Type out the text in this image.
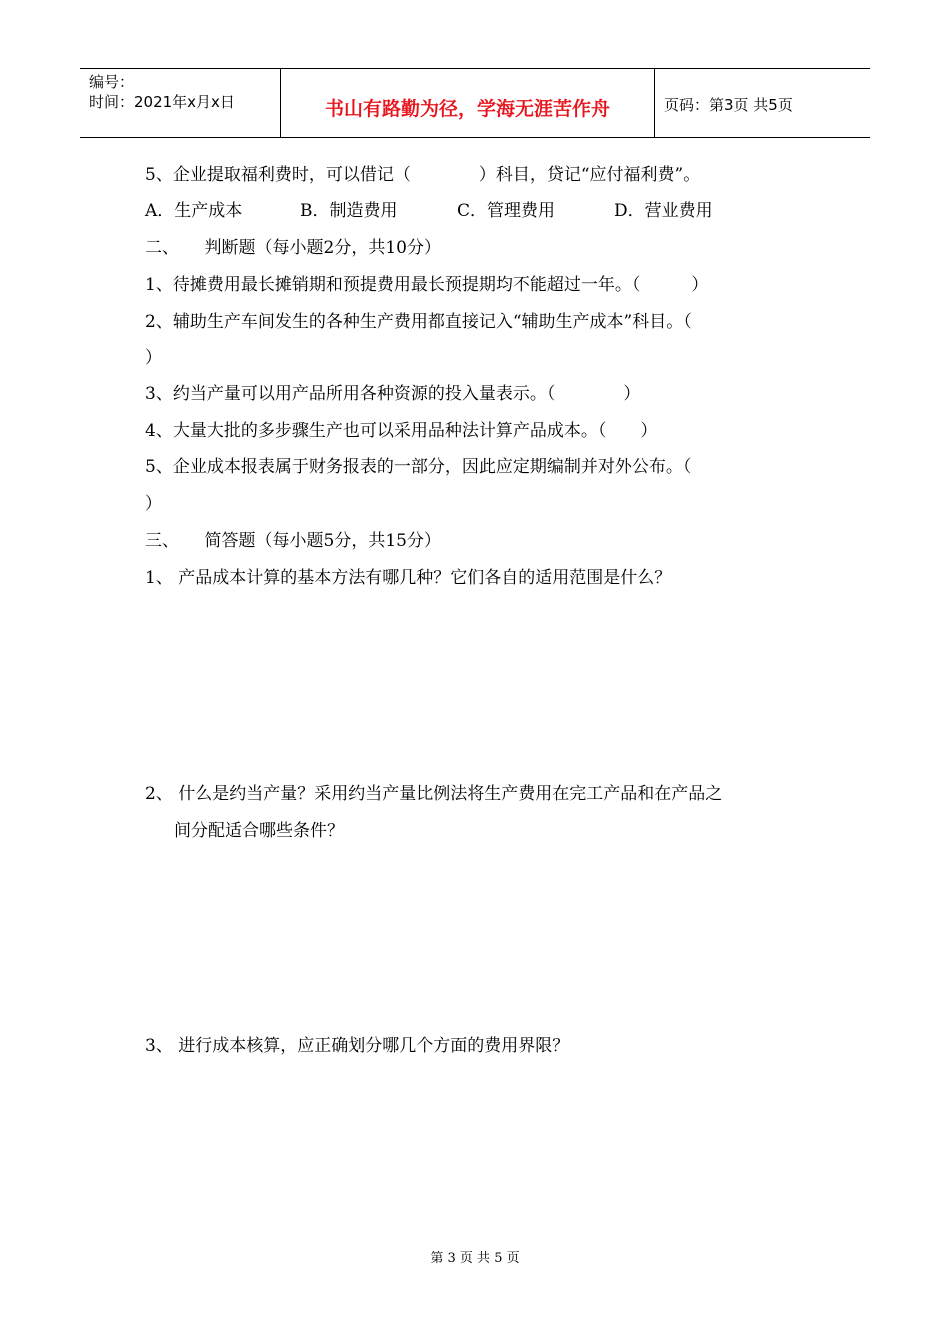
编号：
时间：2021年x月x日	书山有路勤为径，学海无涯苦作舟	页码：第3页 共5页
5、企业提取福利费时，可以借记（　　　　）科目，贷记“应付福利费”。
A．生产成本	B．制造费用	C．管理费用	D．营业费用
二、　　判断题（每小题2分，共10分）
1、待摊费用最长摊销期和预提费用最长预提期均不能超过一年。（　　　）
2、辅助生产车间发生的各种生产费用都直接记入“辅助生产成本”科目。（
）
3、约当产量可以用产品所用各种资源的投入量表示。（　　　　）
4、大量大批的多步骤生产也可以采用品种法计算产品成本。（　　）
5、企业成本报表属于财务报表的一部分，因此应定期编制并对外公布。（
）
三、　　简答题（每小题5分，共15分）
1、 产品成本计算的基本方法有哪几种？它们各自的适用范围是什么？
2、 什么是约当产量？采用约当产量比例法将生产费用在完工产品和在产品之
间分配适合哪些条件？
3、 进行成本核算，应正确划分哪几个方面的费用界限？
第 3 页 共 5 页
